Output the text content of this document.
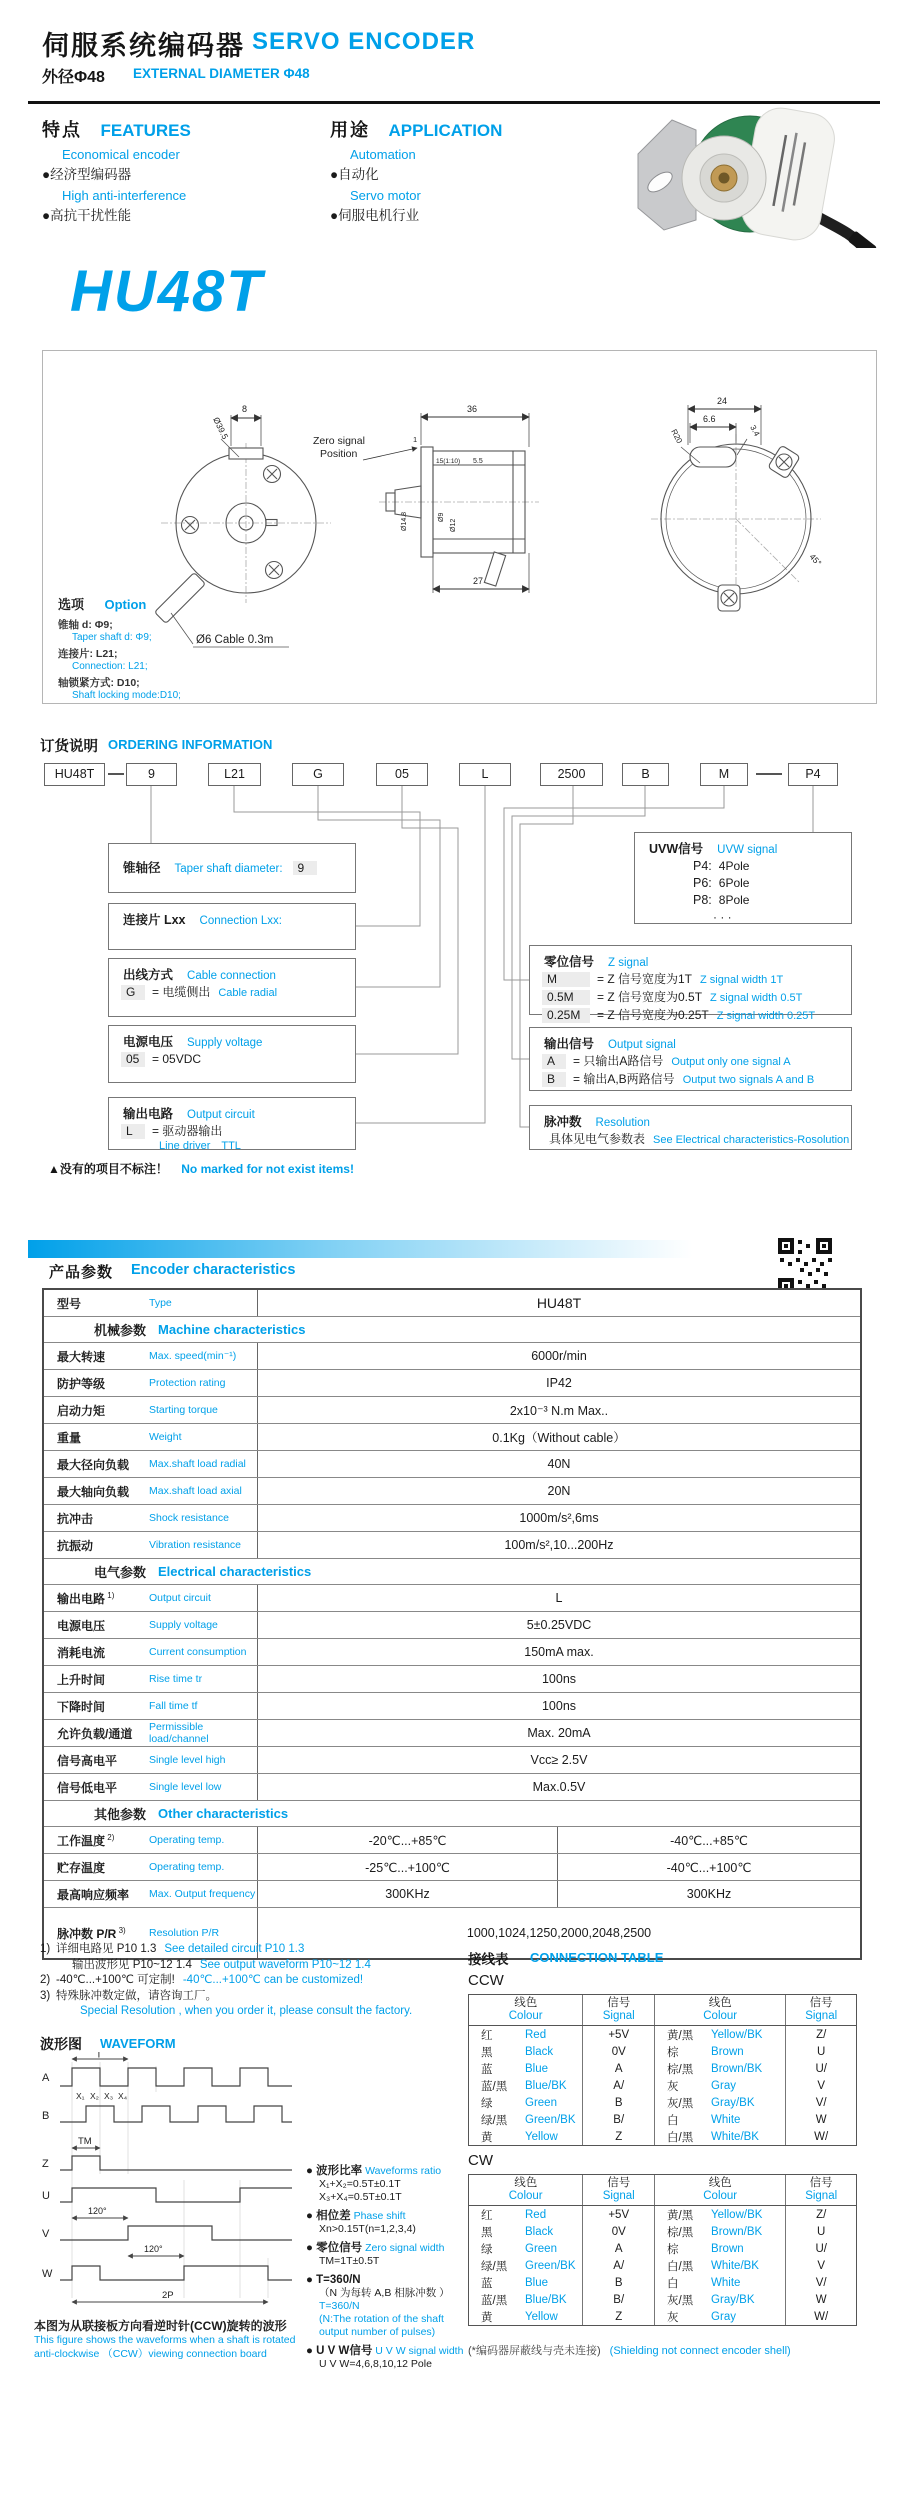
伺服系统编码器 SERVO ENCODER
外径Φ48 EXTERNAL DIAMETER Φ48
特点 FEATURES
Economical encoder
●经济型编码器
High anti-interference
●高抗干扰性能
用途 APPLICATION
Automation
●自动化
Servo motor
●伺服电机行业
HU48T
8
Ø39.5
36
27
1
15(1:10) 5.5
Ø14.8	Ø9
Ø12
24
6.6
R20	3.4
45°
Zero signal
Position
Ø6 Cable 0.3m
选项 Option
锥轴 d: Φ9;
Taper shaft d: Φ9;
连接片: L21;
Connection: L21;
轴锁紧方式: D10;
Shaft locking mode:D10;
订货说明 ORDERING INFORMATION
HU48T	9	L21	G	05	L	2500	B	M	P4
锥轴径 Taper shaft diameter: 9
连接片 Lxx Connection Lxx:
出线方式 Cable connection
G	= 电缆侧出 Cable radial
电源电压 Supply voltage
05	= 05VDC
输出电路 Output circuit
L	= 驱动器输出
Line driver　TTL
UVW信号 UVW signal
P4: 4Pole
P6: 6Pole
P8: 8Pole
· · ·
零位信号 Z signal
M	= Z 信号宽度为1T Z signal width 1T
0.5M	= Z 信号宽度为0.5T Z signal width 0.5T
0.25M	= Z 信号宽度为0.25T Z signal width 0.25T
输出信号 Output signal
A	= 只输出A路信号 Output only one signal A
B	= 输出A,B两路信号 Output two signals A and B
脉冲数 Resolution
具体见电气参数表 See Electrical characteristics-Rosolution
▲没有的项目不标注！ No marked for not exist items!
产品参数 Encoder characteristics
型号	Type	HU48T
机械参数 Machine characteristics
最大转速	Max. speed(min⁻¹)	6000r/min
防护等级	Protection rating	IP42
启动力矩	Starting torque	2x10⁻³ N.m Max..
重量	Weight	0.1Kg（Without cable）
最大径向负载	Max.shaft load radial	40N
最大轴向负载	Max.shaft load axial	20N
抗冲击	Shock resistance	1000m/s²,6ms
抗振动	Vibration resistance	100m/s²,10...200Hz
电气参数 Electrical characteristics
输出电路 $^{1)}$	Output circuit	L
电源电压	Supply voltage	5±0.25VDC
消耗电流	Current consumption	150mA max.
上升时间	Rise time tr	100ns
下降时间	Fall time tf	100ns
允许负载/通道	Permissible load/channel	Max. 20mA
信号高电平	Single level high	Vcc≥ 2.5V
信号低电平	Single level low	Max.0.5V
其他参数 Other characteristics
工作温度 $^{2)}$	Operating temp.	-20℃...+85℃	-40℃...+85℃
贮存温度	Operating temp.	-25℃...+100℃	-40℃...+100℃
最高响应频率	Max. Output frequency	300KHz	300KHz
脉冲数 P/R $^{3)}$	Resolution P/R	1000,1024,1250,2000,2048,2500
1) 详细电路见 P10 1.3 See detailed circuit P10 1.3
输出波形见 P10~12 1.4 See output waveform P10~12 1.4
2) -40℃...+100℃ 可定制! -40℃...+100℃ can be customized!
3) 特殊脉冲数定做，请咨询工厂。
Special Resolution , when you order it, please consult the factory.
接线表 CONNECTION TABLE
CCW
线色
Colour
信号
Signal
线色
Colour
信号
Signal
红	Red	+5V	黄/黑	Yellow/BK	Z/
黑	Black	0V	棕	Brown	U
蓝	Blue	A	棕/黑	Brown/BK	U/
蓝/黑	Blue/BK	A/	灰	Gray	V
绿	Green	B	灰/黑	Gray/BK	V/
绿/黑	Green/BK	B/	白	White	W
黄	Yellow	Z	白/黑	White/BK	W/
CW
线色
Colour
信号
Signal
线色
Colour
信号
Signal
红	Red	+5V	黄/黑	Yellow/BK	Z/
黑	Black	0V	棕/黑	Brown/BK	U
绿	Green	A	棕	Brown	U/
绿/黑	Green/BK	A/	白/黑	White/BK	V
蓝	Blue	B	白	White	V/
蓝/黑	Blue/BK	B/	灰/黑	Gray/BK	W
黄	Yellow	Z	灰	Gray	W/
(*编码器屏蔽线与壳未连接) (Shielding not connect encoder shell)
波形图 WAVEFORM
A
B
Z
U
V
W
T
X₁ X₂ X₃ X₄
TM
120°
120°
2P
本图为从联接板方向看逆时针(CCW)旋转的波形
This figure shows the waveforms when a shaft is rotated
anti-clockwise （CCW）viewing connection board
● 波形比率 Waveforms ratio
X₁+X₂=0.5T±0.1T
X₃+X₄=0.5T±0.1T
● 相位差 Phase shift
Xn>0.15T(n=1,2,3,4)
● 零位信号 Zero signal width
TM=1T±0.5T
● T=360/N
（N 为每转 A,B 相脉冲数 ）
T=360/N
(N:The rotation of the shaft
output number of pulses)
● U V W信号 U V W signal width
U V W=4,6,8,10,12 Pole
